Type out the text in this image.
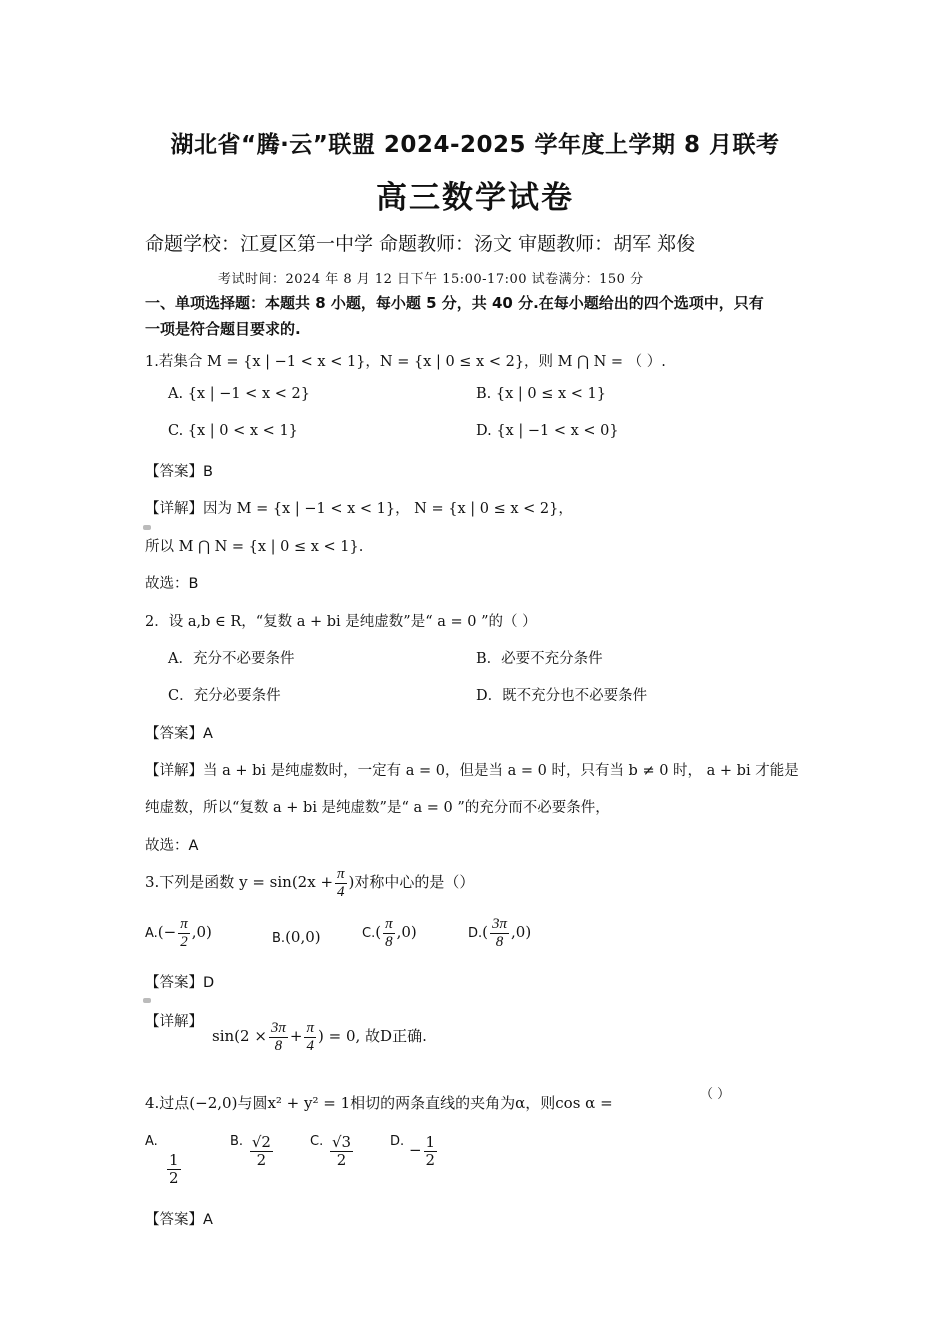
湖北省“腾·云”联盟 2024-2025 学年度上学期 8 月联考
高三数学试卷
命题学校：江夏区第一中学 命题教师：汤文 审题教师：胡军 郑俊
考试时间：2024 年 8 月 12 日下午 15:00-17:00 试卷满分：150 分
一、单项选择题：本题共 8 小题，每小题 5 分，共 40 分.在每小题给出的四个选项中，只有
一项是符合题目要求的.
1.若集合 M = {x | −1 < x < 1}，N = {x | 0 ≤ x < 2}，则 M ⋂ N = （ ）.
A. {x | −1 < x < 2}	B. {x | 0 ≤ x < 1}
C. {x | 0 < x < 1}	D. {x | −1 < x < 0}
【答案】B
【详解】因为 M = {x | −1 < x < 1}， N = {x | 0 ≤ x < 2}，
所以 M ⋂ N = {x | 0 ≤ x < 1}.
故选：B
2．设 a,b ∈ R，“复数 a + bi 是纯虚数”是“ a = 0 ”的（ ）
A．充分不必要条件	B．必要不充分条件
C．充分必要条件	D．既不充分也不必要条件
【答案】A
【详解】当 a + bi 是纯虚数时，一定有 a = 0，但是当 a = 0 时，只有当 b ≠ 0 时， a + bi 才能是
纯虚数，所以“复数 a + bi 是纯虚数”是“ a = 0 ”的充分而不必要条件，
故选：A
3.下列是函数 $y = \sin(2x + \frac{\pi}{4}$ )对称中心的是（）
$A.(- \frac{\pi}{2} ,0)$	B.(0,0)	$C.( \frac{\pi}{8} ,0)$	$D.( \frac{3\pi}{8} ,0)$
【答案】D
【详解】
$\sin(2 \times \frac{3\pi}{8} + \frac{\pi}{4}$ ) = 0, 故D正确.
4.过点(−2,0)与圆x² + y² = 1相切的两条直线的夹角为α，则cos α =	（ ）
A.

$\frac{1}{2}$
B. $\frac{√2}{2}$	C. $\frac{√3}{2}$	D. − $\frac{1}{2}$
【答案】A
